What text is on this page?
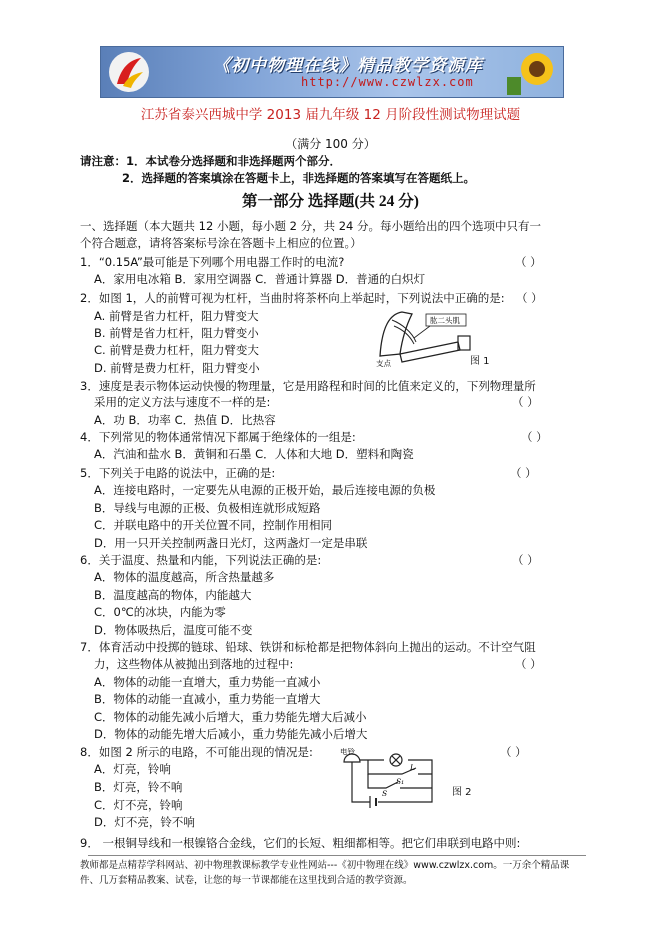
《初中物理在线》精品教学资源库
http://www.czwlzx.com
江苏省泰兴西城中学 2013 届九年级 12 月阶段性测试物理试题
（满分 100 分）
请注意：1．本试卷分选择题和非选择题两个部分．
2．选择题的答案填涂在答题卡上，非选择题的答案填写在答题纸上。
第一部分 选择题(共 24 分)
一、选择题（本大题共 12 小题，每小题 2 分，共 24 分。每小题给出的四个选项中只有一
个符合题意，请将答案标号涂在答题卡上相应的位置。）
1．“0.15A”最可能是下列哪个用电器工作时的电流?	（ ）
A．家用电冰箱 B．家用空调器 C．普通计算器 D．普通的白炽灯
2．如图 1，人的前臂可视为杠杆，当曲肘将茶杯向上举起时，下列说法中正确的是: （ ）
A. 前臂是省力杠杆，阻力臂变大
B. 前臂是省力杠杆，阻力臂变小
C. 前臂是费力杠杆，阻力臂变大
D. 前臂是费力杠杆，阻力臂变小
3．速度是表示物体运动快慢的物理量，它是用路程和时间的比值来定义的，下列物理量所
采用的定义方法与速度不一样的是:	（ ）
A．功 B．功率 C．热值 D．比热容
4．下列常见的物体通常情况下都属于绝缘体的一组是:	（ ）
A．汽油和盐水 B．黄铜和石墨 C．人体和大地 D．塑料和陶瓷
5．下列关于电路的说法中，正确的是:	（ ）
A．连接电路时，一定要先从电源的正极开始，最后连接电源的负极
B．导线与电源的正极、负极相连就形成短路
C．并联电路中的开关位置不同，控制作用相同
D．用一只开关控制两盏日光灯，这两盏灯一定是串联
6．关于温度、热量和内能，下列说法正确的是:	（ ）
A．物体的温度越高，所含热量越多
B．温度越高的物体，内能越大
C．0℃的冰块，内能为零
D．物体吸热后，温度可能不变
7．体育活动中投掷的链球、铅球、铁饼和标枪都是把物体斜向上抛出的运动。不计空气阻
力，这些物体从被抛出到落地的过程中:	（ ）
A．物体的动能一直增大，重力势能一直减小
B．物体的动能一直减小，重力势能一直增大
C．物体的动能先减小后增大，重力势能先增大后减小
D．物体的动能先增大后减小，重力势能先减小后增大
8．如图 2 所示的电路，不可能出现的情况是:	（ ）
A．灯亮，铃响
B．灯亮，铃不响
C．灯不亮，铃响
D．灯不亮，铃不响
9． 一根铜导线和一根镍铬合金线，它们的长短、粗细都相等。把它们串联到电路中则:
肱二头肌
支点	图 1
电铃
L
S₁
S	图 2
教师都是点精荐学科网站、初中物理教课标教学专业性网站---《初中物理在线》www.czwlzx.com。一万余个精品课
件、几万套精品教案、试卷，让您的每一节课都能在这里找到合适的教学资源。
